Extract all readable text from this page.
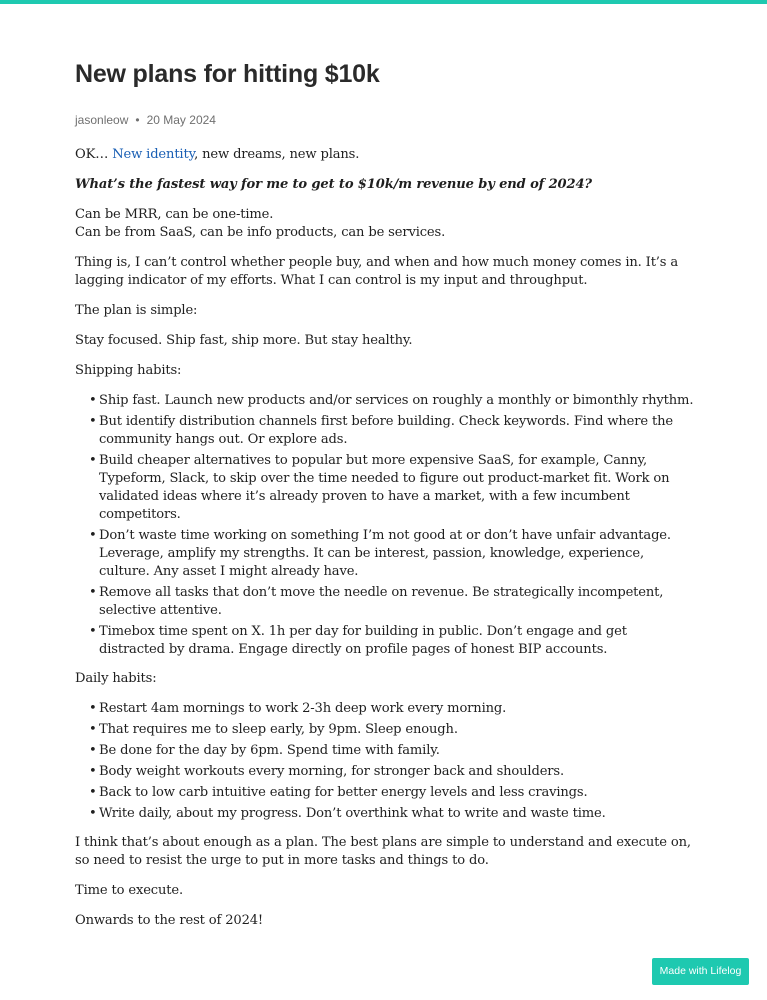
New plans for hitting $10k
jasonleow • 20 May 2024

OK… New identity, new dreams, new plans.

What’s the fastest way for me to get to $10k/m revenue by end of 2024?

Can be MRR, can be one-time.
Can be from SaaS, can be info products, can be services.

Thing is, I can’t control whether people buy, and when and how much money comes in. It’s a lagging indicator of my efforts. What I can control is my input and throughput.

The plan is simple:

Stay focused. Ship fast, ship more. But stay healthy.

Shipping habits:

• Ship fast. Launch new products and/or services on roughly a monthly or bimonthly rhythm.
• But identify distribution channels first before building. Check keywords. Find where the community hangs out. Or explore ads.
• Build cheaper alternatives to popular but more expensive SaaS, for example, Canny, Typeform, Slack, to skip over the time needed to figure out product-market fit. Work on validated ideas where it’s already proven to have a market, with a few incumbent competitors.
• Don’t waste time working on something I’m not good at or don’t have unfair advantage. Leverage, amplify my strengths. It can be interest, passion, knowledge, experience, culture. Any asset I might already have.
• Remove all tasks that don’t move the needle on revenue. Be strategically incompetent, selective attentive.
• Timebox time spent on X. 1h per day for building in public. Don’t engage and get distracted by drama. Engage directly on profile pages of honest BIP accounts.

Daily habits:

• Restart 4am mornings to work 2-3h deep work every morning.
• That requires me to sleep early, by 9pm. Sleep enough.
• Be done for the day by 6pm. Spend time with family.
• Body weight workouts every morning, for stronger back and shoulders.
• Back to low carb intuitive eating for better energy levels and less cravings.
• Write daily, about my progress. Don’t overthink what to write and waste time.

I think that’s about enough as a plan. The best plans are simple to understand and execute on, so need to resist the urge to put in more tasks and things to do.

Time to execute.

Onwards to the rest of 2024!

Made with Lifelog
